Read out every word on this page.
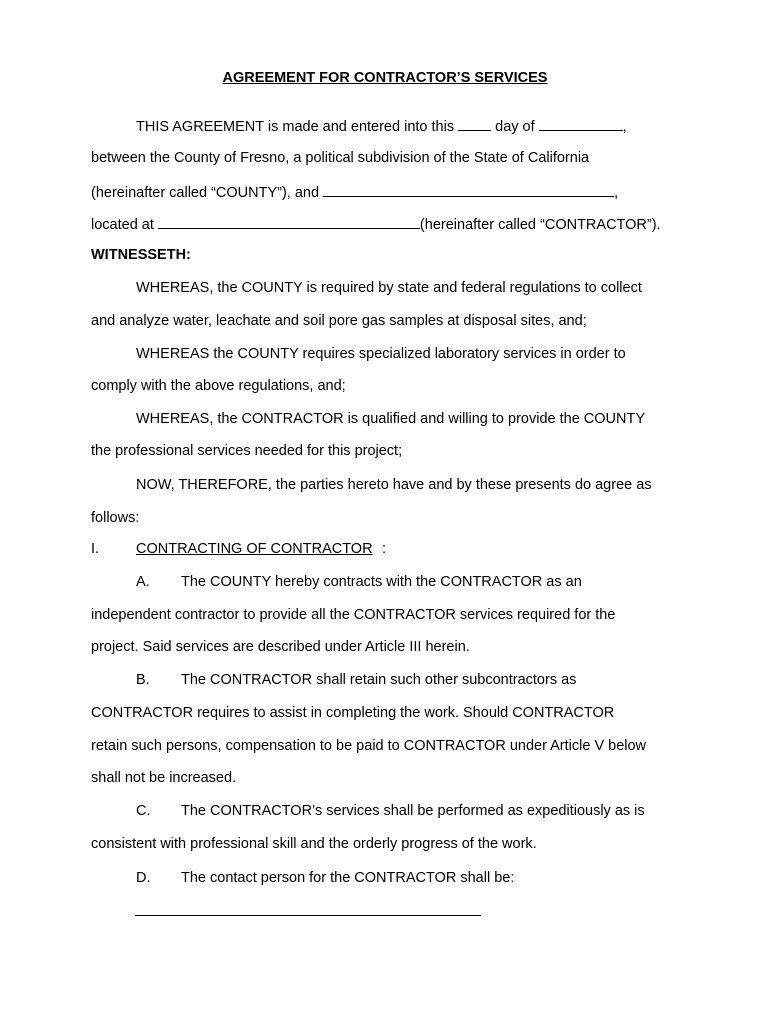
AGREEMENT FOR CONTRACTOR’S SERVICES
THIS AGREEMENT is made and entered into this	day of	,
between the County of Fresno, a political subdivision of the State of California
(hereinafter called “COUNTY”), and	,
located at	(hereinafter called “CONTRACTOR”).
WITNESSETH:
WHEREAS, the COUNTY is required by state and federal regulations to collect
and analyze water, leachate and soil pore gas samples at disposal sites, and;
WHEREAS the COUNTY requires specialized laboratory services in order to
comply with the above regulations, and;
WHEREAS, the CONTRACTOR is qualified and willing to provide the COUNTY
the professional services needed for this project;
NOW, THEREFORE, the parties hereto have and by these presents do agree as
follows:
I.	CONTRACTING OF CONTRACTOR :
A. The COUNTY hereby contracts with the CONTRACTOR as an
independent contractor to provide all the CONTRACTOR services required for the
project. Said services are described under Article III herein.
B. The CONTRACTOR shall retain such other subcontractors as
CONTRACTOR requires to assist in completing the work. Should CONTRACTOR
retain such persons, compensation to be paid to CONTRACTOR under Article V below
shall not be increased.
C. The CONTRACTOR’s services shall be performed as expeditiously as is
consistent with professional skill and the orderly progress of the work.
D. The contact person for the CONTRACTOR shall be:
